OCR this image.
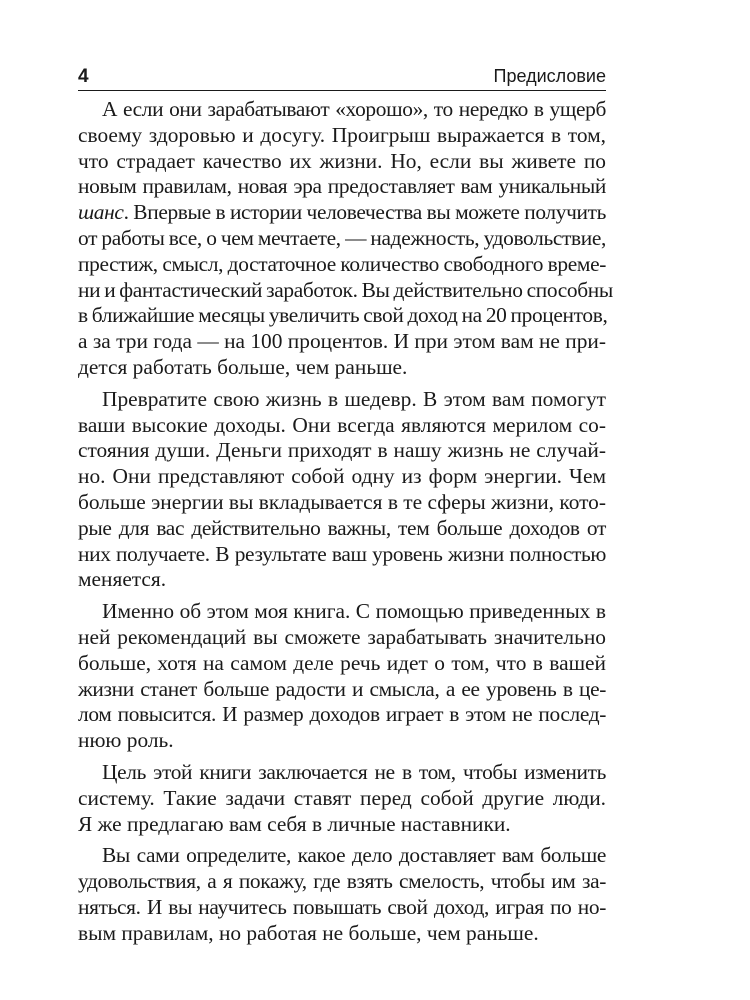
4	Предисловие
А если они зарабатывают «хорошо», то нередко в ущерб
своему здоровью и досугу. Проигрыш выражается в том,
что страдает качество их жизни. Но, если вы живете по
новым правилам, новая эра предоставляет вам уникальный
шанс. Впервые в истории человечества вы можете получить
от работы все, о чем мечтаете, — надежность, удовольствие,
престиж, смысл, достаточное количество свободного време-
ни и фантастический заработок. Вы действительно способны
в ближайшие месяцы увеличить свой доход на 20 процентов,
а за три года — на 100 процентов. И при этом вам не при-
дется работать больше, чем раньше.
Превратите свою жизнь в шедевр. В этом вам помогут
ваши высокие доходы. Они всегда являются мерилом со-
стояния души. Деньги приходят в нашу жизнь не случай-
но. Они представляют собой одну из форм энергии. Чем
больше энергии вы вкладывается в те сферы жизни, кото-
рые для вас действительно важны, тем больше доходов от
них получаете. В результате ваш уровень жизни полностью
меняется.
Именно об этом моя книга. С помощью приведенных в
ней рекомендаций вы сможете зарабатывать значительно
больше, хотя на самом деле речь идет о том, что в вашей
жизни станет больше радости и смысла, а ее уровень в це-
лом повысится. И размер доходов играет в этом не послед-
нюю роль.
Цель этой книги заключается не в том, чтобы изменить
систему. Такие задачи ставят перед собой другие люди.
Я же предлагаю вам себя в личные наставники.
Вы сами определите, какое дело доставляет вам больше
удовольствия, а я покажу, где взять смелость, чтобы им за-
няться. И вы научитесь повышать свой доход, играя по но-
вым правилам, но работая не больше, чем раньше.
